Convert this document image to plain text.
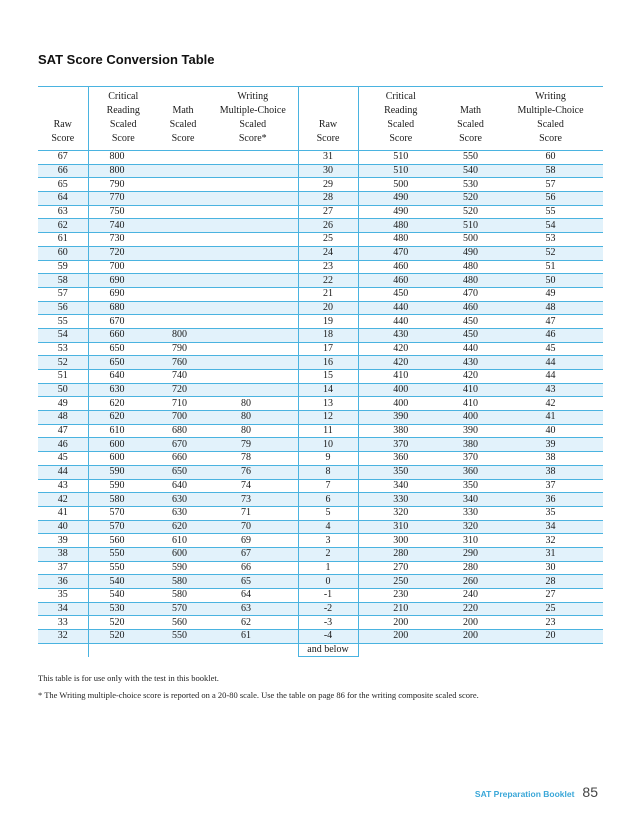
SAT Score Conversion Table
Raw
Score	Critical
Reading
Scaled
Score	Math
Scaled
Score	Writing
Multiple-Choice
Scaled
Score*	Raw
Score	Critical
Reading
Scaled
Score	Math
Scaled
Score	Writing
Multiple-Choice
Scaled
Score
67	800			31	510	550	60
66	800			30	510	540	58
65	790			29	500	530	57
64	770			28	490	520	56
63	750			27	490	520	55
62	740			26	480	510	54
61	730			25	480	500	53
60	720			24	470	490	52
59	700			23	460	480	51
58	690			22	460	480	50
57	690			21	450	470	49
56	680			20	440	460	48
55	670			19	440	450	47
54	660	800		18	430	450	46
53	650	790		17	420	440	45
52	650	760		16	420	430	44
51	640	740		15	410	420	44
50	630	720		14	400	410	43
49	620	710	80	13	400	410	42
48	620	700	80	12	390	400	41
47	610	680	80	11	380	390	40
46	600	670	79	10	370	380	39
45	600	660	78	9	360	370	38
44	590	650	76	8	350	360	38
43	590	640	74	7	340	350	37
42	580	630	73	6	330	340	36
41	570	630	71	5	320	330	35
40	570	620	70	4	310	320	34
39	560	610	69	3	300	310	32
38	550	600	67	2	280	290	31
37	550	590	66	1	270	280	30
36	540	580	65	0	250	260	28
35	540	580	64	-1	230	240	27
34	530	570	63	-2	210	220	25
33	520	560	62	-3	200	200	23
32	520	550	61	-4	200	200	20
				and below			

This table is for use only with the test in this booklet.

* The Writing multiple-choice score is reported on a 20-80 scale. Use the table on page 86 for the writing composite scaled score.

SAT Preparation Booklet 85
